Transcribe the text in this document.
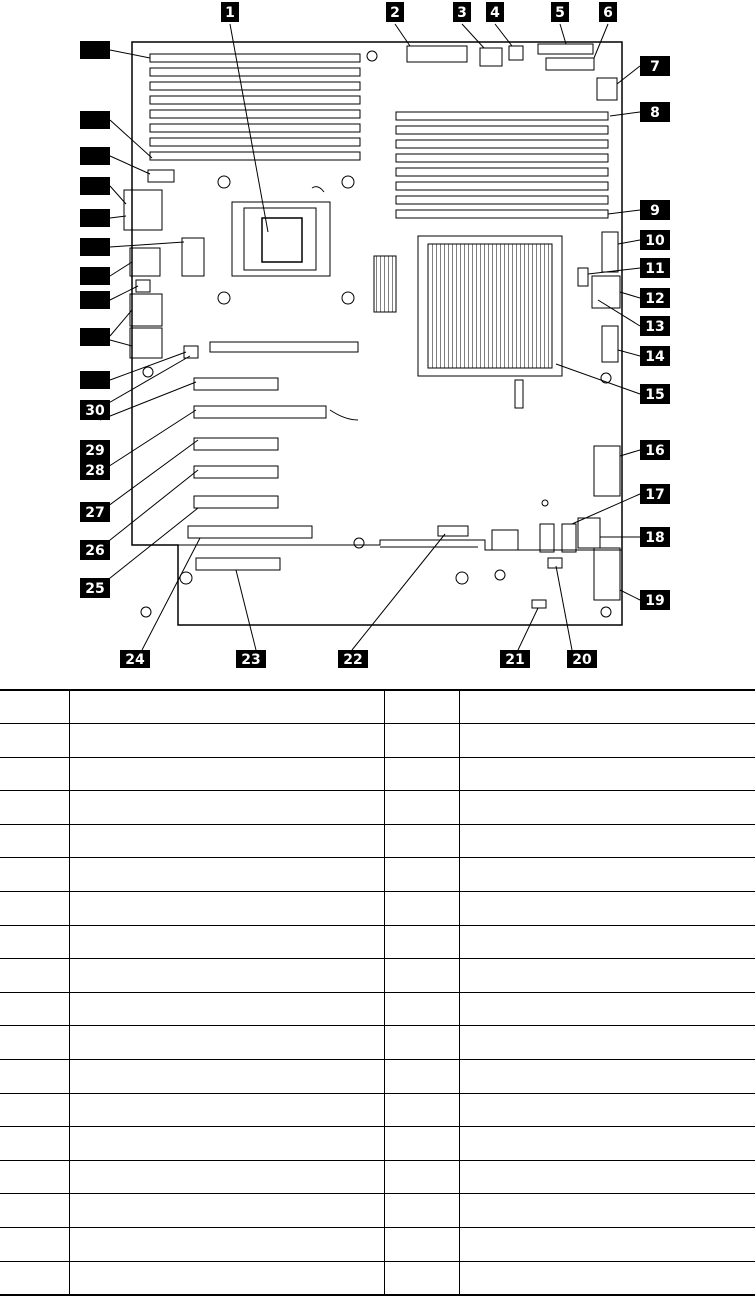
1	2	3 4	5	6
7
8
9
10
11
12
13
14
15
16
17
18
19
20
21
22
23
24
25
26
27
28
29
30
